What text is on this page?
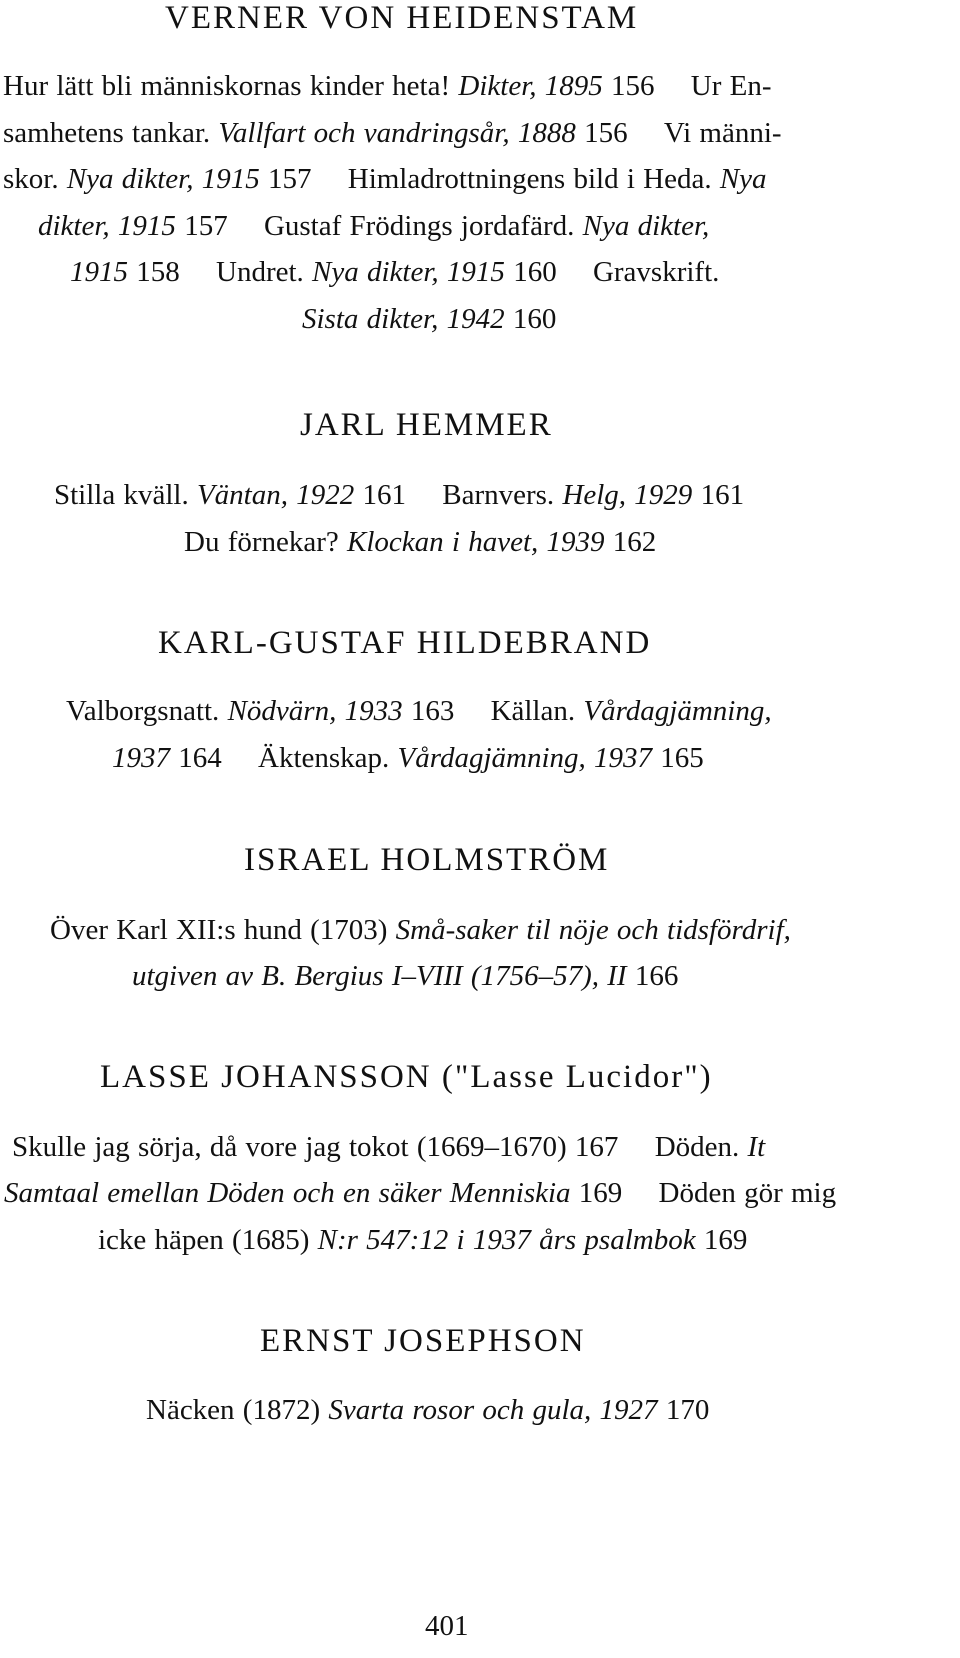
VERNER VON HEIDENSTAM
Hur lätt bli människornas kinder heta! Dikter, 1895 156 Ur En-
samhetens tankar. Vallfart och vandringsår, 1888 156 Vi männi-
skor. Nya dikter, 1915 157 Himladrottningens bild i Heda. Nya
dikter, 1915 157 Gustaf Frödings jordafärd. Nya dikter,
1915 158 Undret. Nya dikter, 1915 160 Gravskrift.
Sista dikter, 1942 160
JARL HEMMER
Stilla kväll. Väntan, 1922 161 Barnvers. Helg, 1929 161
Du förnekar? Klockan i havet, 1939 162
KARL-GUSTAF HILDEBRAND
Valborgsnatt. Nödvärn, 1933 163 Källan. Vårdagjämning,
1937 164 Äktenskap. Vårdagjämning, 1937 165
ISRAEL HOLMSTRÖM
Över Karl XII:s hund (1703) Små-saker til nöje och tidsfördrif,
utgiven av B. Bergius I–VIII (1756–57), II 166
LASSE JOHANSSON ("Lasse Lucidor")
Skulle jag sörja, då vore jag tokot (1669–1670) 167 Döden. It
Samtaal emellan Döden och en säker Menniskia 169 Döden gör mig
icke häpen (1685) N:r 547:12 i 1937 års psalmbok 169
ERNST JOSEPHSON
Näcken (1872) Svarta rosor och gula, 1927 170
401
